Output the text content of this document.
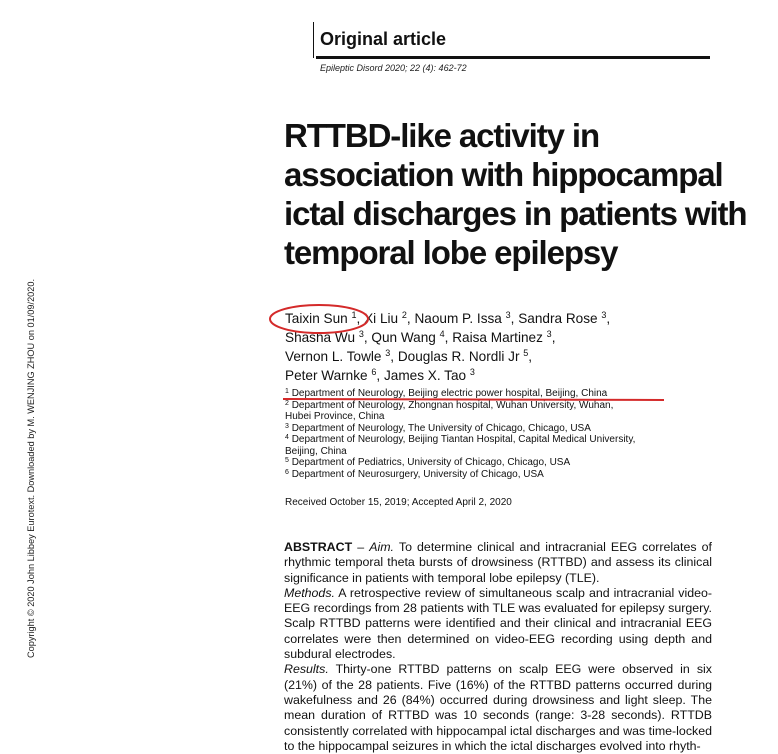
Copyright © 2020 John Libbey Eurotext. Downloaded by M. WENJING ZHOU on 01/09/2020.
Original article
Epileptic Disord 2020; 22 (4): 462-72
RTTBD-like activity in
association with hippocampal
ictal discharges in patients with
temporal lobe epilepsy
Taixin Sun $^1$, Xi Liu $^2$, Naoum P. Issa $^3$, Sandra Rose $^3$,
Shasha Wu $^3$, Qun Wang $^4$, Raisa Martinez $^3$,
Vernon L. Towle $^3$, Douglas R. Nordli Jr $^5$,
Peter Warnke $^6$, James X. Tao $^3$
$^1$ Department of Neurology, Beijing electric power hospital, Beijing, China
$^2$ Department of Neurology, Zhongnan hospital, Wuhan University, Wuhan,
Hubei Province, China
$^3$ Department of Neurology, The University of Chicago, Chicago, USA
$^4$ Department of Neurology, Beijing Tiantan Hospital, Capital Medical University,
Beijing, China
$^5$ Department of Pediatrics, University of Chicago, Chicago, USA
$^6$ Department of Neurosurgery, University of Chicago, USA
Received October 15, 2019; Accepted April 2, 2020

ABSTRACT – Aim. To determine clinical and intracranial EEG correlates of rhythmic temporal theta bursts of drowsiness (RTTBD) and assess its clinical significance in patients with temporal lobe epilepsy (TLE).

Methods. A retrospective review of simultaneous scalp and intracranial video-EEG recordings from 28 patients with TLE was evaluated for epilepsy surgery. Scalp RTTBD patterns were identified and their clinical and intracranial EEG correlates were then determined on video-EEG recording using depth and subdural electrodes.

Results. Thirty-one RTTBD patterns on scalp EEG were observed in six (21%) of the 28 patients. Five (16%) of the RTTBD patterns occurred during wakefulness and 26 (84%) occurred during drowsiness and light sleep. The mean duration of RTTBD was 10 seconds (range: 3-28 seconds). RTTDB consistently correlated with hippocampal ictal discharges and was time-locked to the hippocampal seizures in which the ictal discharges evolved into rhyth-
